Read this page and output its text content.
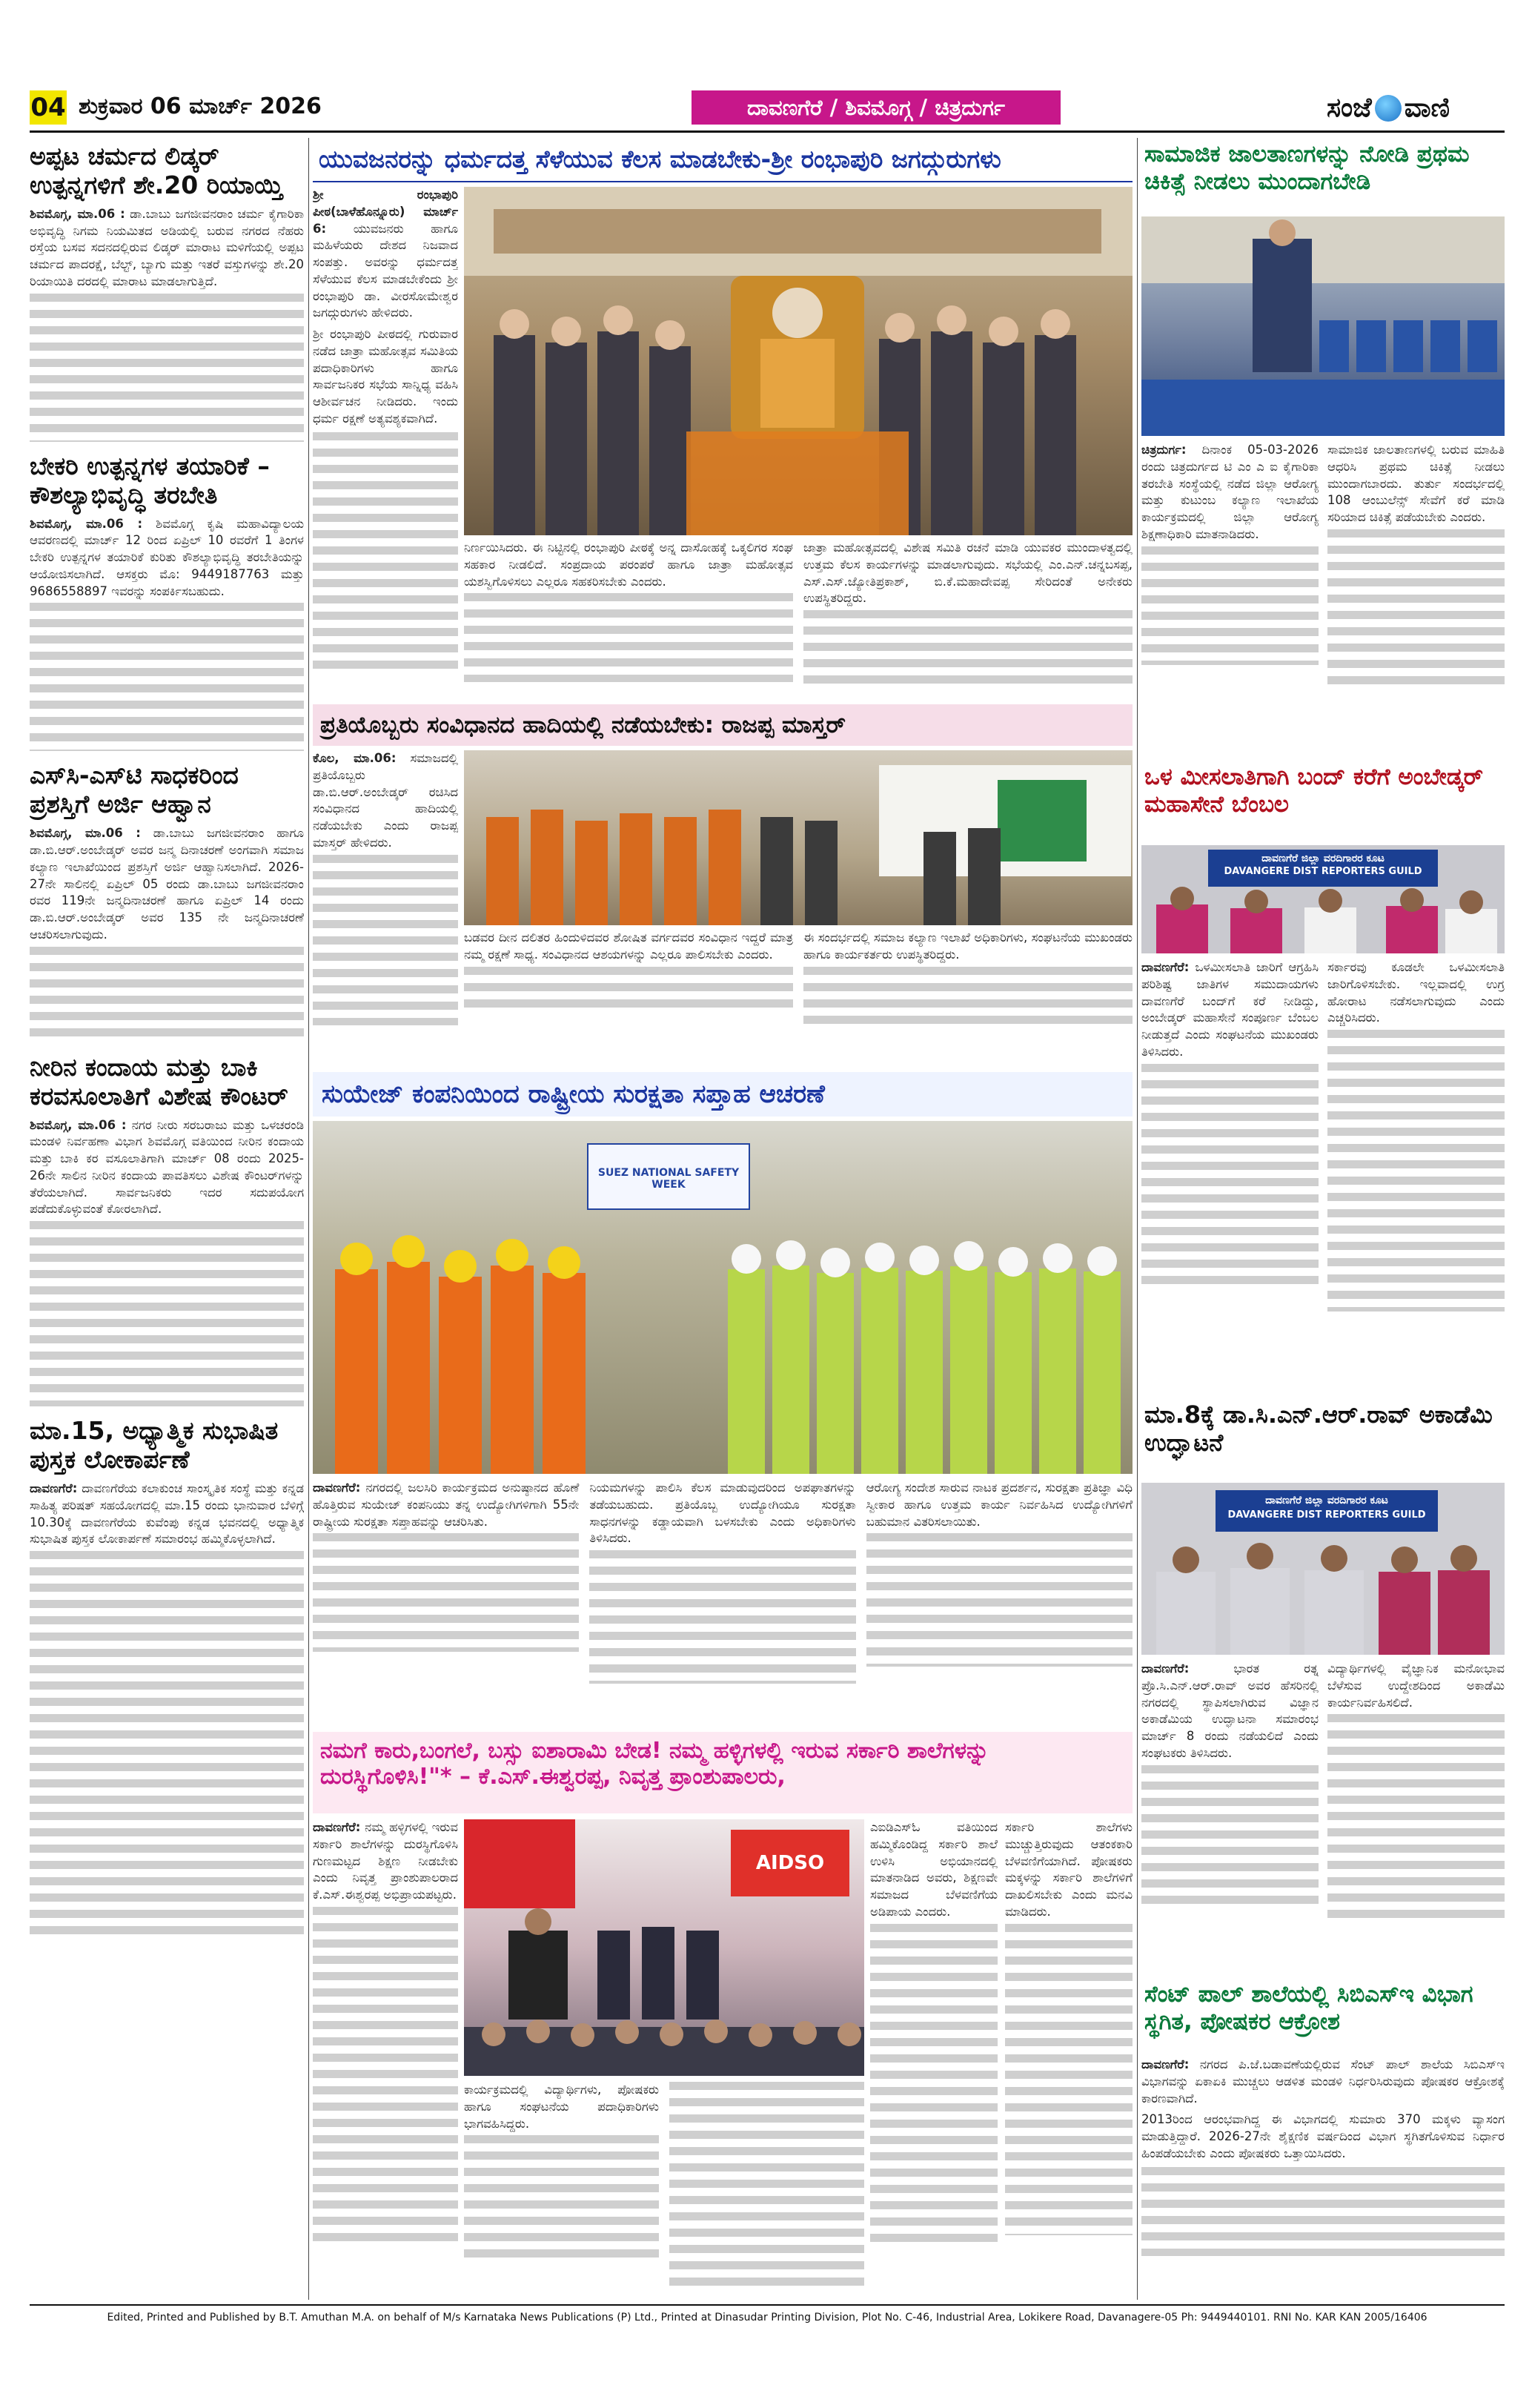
04 ಶುಕ್ರವಾರ 06 ಮಾರ್ಚ್ 2026	ದಾವಣಗೆರೆ / ಶಿವಮೊಗ್ಗ / ಚಿತ್ರದುರ್ಗ	ಸಂಜೆ ವಾಣಿ
ಅಪ್ಪಟ ಚರ್ಮದ ಲಿಡ್ಕರ್ ಉತ್ಪನ್ನಗಳಿಗೆ ಶೇ.20 ರಿಯಾಯ್ತಿ
ಶಿವಮೊಗ್ಗ, ಮಾ.06 : ಡಾ.ಬಾಬು ಜಗಜೀವನರಾಂ ಚರ್ಮ ಕೈಗಾರಿಕಾ ಅಭಿವೃದ್ಧಿ ನಿಗಮ ನಿಯಮಿತದ ಅಡಿಯಲ್ಲಿ ಬರುವ ನಗರದ ನೆಹರು ರಸ್ತೆಯ ಬಸವ ಸದನದಲ್ಲಿರುವ ಲಿಡ್ಕರ್ ಮಾರಾಟ ಮಳಿಗೆಯಲ್ಲಿ ಅಪ್ಪಟ ಚರ್ಮದ ಪಾದರಕ್ಷೆ, ಬೆಲ್ಟ್, ಬ್ಯಾಗು ಮತ್ತು ಇತರೆ ವಸ್ತುಗಳನ್ನು ಶೇ.20 ರಿಯಾಯಿತಿ ದರದಲ್ಲಿ ಮಾರಾಟ ಮಾಡಲಾಗುತ್ತಿದೆ.
ಬೇಕರಿ ಉತ್ಪನ್ನಗಳ ತಯಾರಿಕೆ –ಕೌಶಲ್ಯಾಭಿವೃದ್ಧಿ ತರಬೇತಿ
ಶಿವಮೊಗ್ಗ, ಮಾ.06 : ಶಿವಮೊಗ್ಗ ಕೃಷಿ ಮಹಾವಿದ್ಯಾಲಯ ಆವರಣದಲ್ಲಿ ಮಾರ್ಚ್ 12 ರಿಂದ ಏಪ್ರಿಲ್ 10 ರವರೆಗೆ 1 ತಿಂಗಳ ಬೇಕರಿ ಉತ್ಪನ್ನಗಳ ತಯಾರಿಕೆ ಕುರಿತು ಕೌಶಲ್ಯಾಭಿವೃದ್ಧಿ ತರಬೇತಿಯನ್ನು ಆಯೋಜಿಸಲಾಗಿದೆ. ಆಸಕ್ತರು ಮೊ: 9449187763 ಮತ್ತು 9686558897 ಇವರನ್ನು ಸಂಪರ್ಕಿಸಬಹುದು.
ಎಸ್‌ಸಿ-ಎಸ್‌ಟಿ ಸಾಧಕರಿಂದ ಪ್ರಶಸ್ತಿಗೆ ಅರ್ಜಿ ಆಹ್ವಾನ
ಶಿವಮೊಗ್ಗ, ಮಾ.06 : ಡಾ.ಬಾಬು ಜಗಜೀವನರಾಂ ಹಾಗೂ ಡಾ.ಬಿ.ಆರ್.ಅಂಬೇಡ್ಕರ್ ಅವರ ಜನ್ಮ ದಿನಾಚರಣೆ ಅಂಗವಾಗಿ ಸಮಾಜ ಕಲ್ಯಾಣ ಇಲಾಖೆಯಿಂದ ಪ್ರಶಸ್ತಿಗೆ ಅರ್ಜಿ ಆಹ್ವಾನಿಸಲಾಗಿದೆ. 2026-27ನೇ ಸಾಲಿನಲ್ಲಿ ಏಪ್ರಿಲ್ 05 ರಂದು ಡಾ.ಬಾಬು ಜಗಜೀವನರಾಂ ರವರ 119ನೇ ಜನ್ಮದಿನಾಚರಣೆ ಹಾಗೂ ಏಪ್ರಿಲ್ 14 ರಂದು ಡಾ.ಬಿ.ಆರ್.ಅಂಬೇಡ್ಕರ್ ಅವರ 135 ನೇ ಜನ್ಮದಿನಾಚರಣೆ ಆಚರಿಸಲಾಗುವುದು.
ನೀರಿನ ಕಂದಾಯ ಮತ್ತು ಬಾಕಿ ಕರವಸೂಲಾತಿಗೆ ವಿಶೇಷ ಕೌಂಟರ್
ಶಿವಮೊಗ್ಗ, ಮಾ.06 : ನಗರ ನೀರು ಸರಬರಾಜು ಮತ್ತು ಒಳಚರಂಡಿ ಮಂಡಳಿ ನಿರ್ವಹಣಾ ವಿಭಾಗ ಶಿವಮೊಗ್ಗ ವತಿಯಿಂದ ನೀರಿನ ಕಂದಾಯ ಮತ್ತು ಬಾಕಿ ಕರ ವಸೂಲಾತಿಗಾಗಿ ಮಾರ್ಚ್ 08 ರಂದು 2025-26ನೇ ಸಾಲಿನ ನೀರಿನ ಕಂದಾಯ ಪಾವತಿಸಲು ವಿಶೇಷ ಕೌಂಟರ್‌ಗಳನ್ನು ತೆರೆಯಲಾಗಿದೆ. ಸಾರ್ವಜನಿಕರು ಇದರ ಸದುಪಯೋಗ ಪಡೆದುಕೊಳ್ಳುವಂತೆ ಕೋರಲಾಗಿದೆ.
ಮಾ.15, ಅಧ್ಯಾತ್ಮಿಕ ಸುಭಾಷಿತ ಪುಸ್ತಕ ಲೋಕಾರ್ಪಣೆ
ದಾವಣಗೆರೆ: ದಾವಣಗೆರೆಯ ಕಲಾಕುಂಚ ಸಾಂಸ್ಕೃತಿಕ ಸಂಸ್ಥೆ ಮತ್ತು ಕನ್ನಡ ಸಾಹಿತ್ಯ ಪರಿಷತ್ ಸಹಯೋಗದಲ್ಲಿ ಮಾ.15 ರಂದು ಭಾನುವಾರ ಬೆಳಿಗ್ಗೆ 10.30ಕ್ಕೆ ದಾವಣಗೆರೆಯ ಕುವೆಂಪು ಕನ್ನಡ ಭವನದಲ್ಲಿ ಅಧ್ಯಾತ್ಮಿಕ ಸುಭಾಷಿತ ಪುಸ್ತಕ ಲೋಕಾರ್ಪಣೆ ಸಮಾರಂಭ ಹಮ್ಮಿಕೊಳ್ಳಲಾಗಿದೆ.
ಯುವಜನರನ್ನು ಧರ್ಮದತ್ತ ಸೆಳೆಯುವ ಕೆಲಸ ಮಾಡಬೇಕು-ಶ್ರೀ ರಂಭಾಪುರಿ ಜಗದ್ಗುರುಗಳು
ಶ್ರೀ ರಂಭಾಪುರಿ ಪೀಠ(ಬಾಳೆಹೊನ್ನೂರು) ಮಾರ್ಚ್ 6: ಯುವಜನರು ಹಾಗೂ ಮಹಿಳೆಯರು ದೇಶದ ನಿಜವಾದ ಸಂಪತ್ತು. ಅವರನ್ನು ಧರ್ಮದತ್ತ ಸೆಳೆಯುವ ಕೆಲಸ ಮಾಡಬೇಕೆಂದು ಶ್ರೀ ರಂಭಾಪುರಿ ಡಾ. ವೀರಸೋಮೇಶ್ವರ ಜಗದ್ಗುರುಗಳು ಹೇಳಿದರು.
ಶ್ರೀ ರಂಭಾಪುರಿ ಪೀಠದಲ್ಲಿ ಗುರುವಾರ ನಡೆದ ಜಾತ್ರಾ ಮಹೋತ್ಸವ ಸಮಿತಿಯ ಪದಾಧಿಕಾರಿಗಳು ಹಾಗೂ ಸಾರ್ವಜನಿಕರ ಸಭೆಯ ಸಾನ್ನಿಧ್ಯ ವಹಿಸಿ ಆಶೀರ್ವಚನ ನೀಡಿದರು. ಇಂದು ಧರ್ಮ ರಕ್ಷಣೆ ಅತ್ಯವಶ್ಯಕವಾಗಿದೆ.
ನಿರ್ಣಯಿಸಿದರು. ಈ ನಿಟ್ಟಿನಲ್ಲಿ ರಂಭಾಪುರಿ ಪೀಠಕ್ಕೆ ಅನ್ನ ದಾಸೋಹಕ್ಕೆ ಒಕ್ಕಲಿಗರ ಸಂಘ ಸಹಕಾರ ನೀಡಲಿದೆ. ಸಂಪ್ರದಾಯ ಪರಂಪರೆ ಹಾಗೂ ಜಾತ್ರಾ ಮಹೋತ್ಸವ ಯಶಸ್ವಿಗೊಳಿಸಲು ಎಲ್ಲರೂ ಸಹಕರಿಸಬೇಕು ಎಂದರು.
ಜಾತ್ರಾ ಮಹೋತ್ಸವದಲ್ಲಿ ವಿಶೇಷ ಸಮಿತಿ ರಚನೆ ಮಾಡಿ ಯುವಕರ ಮುಂದಾಳತ್ವದಲ್ಲಿ ಉತ್ತಮ ಕೆಲಸ ಕಾರ್ಯಗಳನ್ನು ಮಾಡಲಾಗುವುದು. ಸಭೆಯಲ್ಲಿ ಎಂ.ಎನ್.ಚನ್ನಬಸಪ್ಪ, ಎಸ್.ಎಸ್.ಜ್ಯೋತಿಪ್ರಕಾಶ್, ಬಿ.ಕೆ.ಮಹಾದೇವಪ್ಪ ಸೇರಿದಂತೆ ಅನೇಕರು ಉಪಸ್ಥಿತರಿದ್ದರು.
ಸಾಮಾಜಿಕ ಜಾಲತಾಣಗಳನ್ನು ನೋಡಿ ಪ್ರಥಮ ಚಿಕಿತ್ಸೆ ನೀಡಲು ಮುಂದಾಗಬೇಡಿ
ಚಿತ್ರದುರ್ಗ: ದಿನಾಂಕ 05-03-2026 ರಂದು ಚಿತ್ರದುರ್ಗದ ಟಿ ಎಂ ಎ ಐ ಕೈಗಾರಿಕಾ ತರಬೇತಿ ಸಂಸ್ಥೆಯಲ್ಲಿ ನಡೆದ ಜಿಲ್ಲಾ ಆರೋಗ್ಯ ಮತ್ತು ಕುಟುಂಬ ಕಲ್ಯಾಣ ಇಲಾಖೆಯ ಕಾರ್ಯಕ್ರಮದಲ್ಲಿ ಜಿಲ್ಲಾ ಆರೋಗ್ಯ ಶಿಕ್ಷಣಾಧಿಕಾರಿ ಮಾತನಾಡಿದರು.
ಸಾಮಾಜಿಕ ಜಾಲತಾಣಗಳಲ್ಲಿ ಬರುವ ಮಾಹಿತಿ ಆಧರಿಸಿ ಪ್ರಥಮ ಚಿಕಿತ್ಸೆ ನೀಡಲು ಮುಂದಾಗಬಾರದು. ತುರ್ತು ಸಂದರ್ಭದಲ್ಲಿ 108 ಆಂಬುಲೆನ್ಸ್ ಸೇವೆಗೆ ಕರೆ ಮಾಡಿ ಸರಿಯಾದ ಚಿಕಿತ್ಸೆ ಪಡೆಯಬೇಕು ಎಂದರು.
ಪ್ರತಿಯೊಬ್ಬರು ಸಂವಿಧಾನದ ಹಾದಿಯಲ್ಲಿ ನಡೆಯಬೇಕು: ರಾಜಪ್ಪ ಮಾಸ್ತರ್
ಕೊಲ, ಮಾ.06: ಸಮಾಜದಲ್ಲಿ ಪ್ರತಿಯೊಬ್ಬರು ಡಾ.ಬಿ.ಆರ್.ಅಂಬೇಡ್ಕರ್ ರಚಿಸಿದ ಸಂವಿಧಾನದ ಹಾದಿಯಲ್ಲಿ ನಡೆಯಬೇಕು ಎಂದು ರಾಜಪ್ಪ ಮಾಸ್ತರ್ ಹೇಳಿದರು.
ಬಡವರ ದೀನ ದಲಿತರ ಹಿಂದುಳಿದವರ ಶೋಷಿತ ವರ್ಗದವರ ಸಂವಿಧಾನ ಇದ್ದರೆ ಮಾತ್ರ ನಮ್ಮ ರಕ್ಷಣೆ ಸಾಧ್ಯ. ಸಂವಿಧಾನದ ಆಶಯಗಳನ್ನು ಎಲ್ಲರೂ ಪಾಲಿಸಬೇಕು ಎಂದರು.
ಈ ಸಂದರ್ಭದಲ್ಲಿ ಸಮಾಜ ಕಲ್ಯಾಣ ಇಲಾಖೆ ಅಧಿಕಾರಿಗಳು, ಸಂಘಟನೆಯ ಮುಖಂಡರು ಹಾಗೂ ಕಾರ್ಯಕರ್ತರು ಉಪಸ್ಥಿತರಿದ್ದರು.
ಒಳ ಮೀಸಲಾತಿಗಾಗಿ ಬಂದ್ ಕರೆಗೆ ಅಂಬೇಡ್ಕರ್ ಮಹಾಸೇನೆ ಬೆಂಬಲ
ದಾವಣಗೆರೆ ಜಿಲ್ಲಾ ವರದಿಗಾರರ ಕೂಟ
DAVANGERE DIST REPORTERS GUILD
ದಾವಣಗೆರೆ: ಒಳಮೀಸಲಾತಿ ಜಾರಿಗೆ ಆಗ್ರಹಿಸಿ ಪರಿಶಿಷ್ಟ ಜಾತಿಗಳ ಸಮುದಾಯಗಳು ದಾವಣಗೆರೆ ಬಂದ್‌ಗೆ ಕರೆ ನೀಡಿದ್ದು, ಅಂಬೇಡ್ಕರ್ ಮಹಾಸೇನೆ ಸಂಪೂರ್ಣ ಬೆಂಬಲ ನೀಡುತ್ತದೆ ಎಂದು ಸಂಘಟನೆಯ ಮುಖಂಡರು ತಿಳಿಸಿದರು.
ಸರ್ಕಾರವು ಕೂಡಲೇ ಒಳಮೀಸಲಾತಿ ಜಾರಿಗೊಳಿಸಬೇಕು. ಇಲ್ಲವಾದಲ್ಲಿ ಉಗ್ರ ಹೋರಾಟ ನಡೆಸಲಾಗುವುದು ಎಂದು ಎಚ್ಚರಿಸಿದರು.
ಸುಯೇಜ್ ಕಂಪನಿಯಿಂದ ರಾಷ್ಟ್ರೀಯ ಸುರಕ್ಷತಾ ಸಪ್ತಾಹ ಆಚರಣೆ
SUEZ NATIONAL SAFETY WEEK
ದಾವಣಗೆರೆ: ನಗರದಲ್ಲಿ ಜಲಸಿರಿ ಕಾರ್ಯಕ್ರಮದ ಅನುಷ್ಠಾನದ ಹೊಣೆ ಹೊತ್ತಿರುವ ಸುಯೇಜ್ ಕಂಪನಿಯು ತನ್ನ ಉದ್ಯೋಗಿಗಳಿಗಾಗಿ 55ನೇ ರಾಷ್ಟ್ರೀಯ ಸುರಕ್ಷತಾ ಸಪ್ತಾಹವನ್ನು ಆಚರಿಸಿತು.
ನಿಯಮಗಳನ್ನು ಪಾಲಿಸಿ ಕೆಲಸ ಮಾಡುವುದರಿಂದ ಅಪಘಾತಗಳನ್ನು ತಡೆಯಬಹುದು. ಪ್ರತಿಯೊಬ್ಬ ಉದ್ಯೋಗಿಯೂ ಸುರಕ್ಷತಾ ಸಾಧನಗಳನ್ನು ಕಡ್ಡಾಯವಾಗಿ ಬಳಸಬೇಕು ಎಂದು ಅಧಿಕಾರಿಗಳು ತಿಳಿಸಿದರು.
ಆರೋಗ್ಯ ಸಂದೇಶ ಸಾರುವ ನಾಟಕ ಪ್ರದರ್ಶನ, ಸುರಕ್ಷತಾ ಪ್ರತಿಜ್ಞಾ ವಿಧಿ ಸ್ವೀಕಾರ ಹಾಗೂ ಉತ್ತಮ ಕಾರ್ಯ ನಿರ್ವಹಿಸಿದ ಉದ್ಯೋಗಿಗಳಿಗೆ ಬಹುಮಾನ ವಿತರಿಸಲಾಯಿತು.
ಮಾ.8ಕ್ಕೆ ಡಾ.ಸಿ.ಎನ್.ಆರ್.ರಾವ್ ಅಕಾಡೆಮಿ ಉದ್ಘಾಟನೆ
ದಾವಣಗೆರೆ ಜಿಲ್ಲಾ ವರದಿಗಾರರ ಕೂಟ
DAVANGERE DIST REPORTERS GUILD
ದಾವಣಗೆರೆ:	ಭಾರತ ರತ್ನ ಪ್ರೊ.ಸಿ.ಎನ್.ಆರ್.ರಾವ್ ಅವರ ಹೆಸರಿನಲ್ಲಿ ನಗರದಲ್ಲಿ ಸ್ಥಾಪಿಸಲಾಗಿರುವ ವಿಜ್ಞಾನ ಅಕಾಡೆಮಿಯ ಉದ್ಘಾಟನಾ ಸಮಾರಂಭ ಮಾರ್ಚ್ 8 ರಂದು ನಡೆಯಲಿದೆ ಎಂದು ಸಂಘಟಕರು ತಿಳಿಸಿದರು.
ವಿದ್ಯಾರ್ಥಿಗಳಲ್ಲಿ ವೈಜ್ಞಾನಿಕ ಮನೋಭಾವ ಬೆಳೆಸುವ ಉದ್ದೇಶದಿಂದ ಅಕಾಡೆಮಿ ಕಾರ್ಯನಿರ್ವಹಿಸಲಿದೆ.
ನಮಗೆ ಕಾರು,ಬಂಗಲೆ, ಬಸ್ಸು ಐಶಾರಾಮಿ ಬೇಡ! ನಮ್ಮ ಹಳ್ಳಿಗಳಲ್ಲಿ ಇರುವ ಸರ್ಕಾರಿ ಶಾಲೆಗಳನ್ನು ದುರಸ್ಥಿಗೊಳಿಸಿ!"* – ಕೆ.ಎಸ್.ಈಶ್ವರಪ್ಪ, ನಿವೃತ್ತ ಪ್ರಾಂಶುಪಾಲರು,
ದಾವಣಗೆರೆ: ನಮ್ಮ ಹಳ್ಳಿಗಳಲ್ಲಿ ಇರುವ ಸರ್ಕಾರಿ ಶಾಲೆಗಳನ್ನು ದುರಸ್ಥಿಗೊಳಿಸಿ ಗುಣಮಟ್ಟದ ಶಿಕ್ಷಣ ನೀಡಬೇಕು ಎಂದು ನಿವೃತ್ತ ಪ್ರಾಂಶುಪಾಲರಾದ ಕೆ.ಎಸ್.ಈಶ್ವರಪ್ಪ ಅಭಿಪ್ರಾಯಪಟ್ಟರು.
AIDSO
ಎಐಡಿಎಸ್‌ಓ ವತಿಯಿಂದ ಹಮ್ಮಿಕೊಂಡಿದ್ದ ಸರ್ಕಾರಿ ಶಾಲೆ ಉಳಿಸಿ ಅಭಿಯಾನದಲ್ಲಿ ಮಾತನಾಡಿದ ಅವರು, ಶಿಕ್ಷಣವೇ ಸಮಾಜದ ಬೆಳವಣಿಗೆಯ ಅಡಿಪಾಯ ಎಂದರು.
ಸರ್ಕಾರಿ ಶಾಲೆಗಳು ಮುಚ್ಚುತ್ತಿರುವುದು ಆತಂಕಕಾರಿ ಬೆಳವಣಿಗೆಯಾಗಿದೆ. ಪೋಷಕರು ಮಕ್ಕಳನ್ನು ಸರ್ಕಾರಿ ಶಾಲೆಗಳಿಗೆ ದಾಖಲಿಸಬೇಕು ಎಂದು ಮನವಿ ಮಾಡಿದರು.
ಕಾರ್ಯಕ್ರಮದಲ್ಲಿ ವಿದ್ಯಾರ್ಥಿಗಳು, ಪೋಷಕರು ಹಾಗೂ ಸಂಘಟನೆಯ ಪದಾಧಿಕಾರಿಗಳು ಭಾಗವಹಿಸಿದ್ದರು.
ಸೆಂಟ್ ಪಾಲ್ ಶಾಲೆಯಲ್ಲಿ ಸಿಬಿಎಸ್‌ಇ ವಿಭಾಗ ಸ್ಥಗಿತ, ಪೋಷಕರ ಆಕ್ರೋಶ
ದಾವಣಗೆರೆ: ನಗರದ ಪಿ.ಜೆ.ಬಡಾವಣೆಯಲ್ಲಿರುವ ಸೆಂಟ್ ಪಾಲ್ ಶಾಲೆಯ ಸಿಬಿಎಸ್‌ಇ ವಿಭಾಗವನ್ನು ಏಕಾಏಕಿ ಮುಚ್ಚಲು ಆಡಳಿತ ಮಂಡಳಿ ನಿರ್ಧರಿಸಿರುವುದು ಪೋಷಕರ ಆಕ್ರೋಶಕ್ಕೆ ಕಾರಣವಾಗಿದೆ.
2013ರಿಂದ ಆರಂಭವಾಗಿದ್ದ ಈ ವಿಭಾಗದಲ್ಲಿ ಸುಮಾರು 370 ಮಕ್ಕಳು ವ್ಯಾಸಂಗ ಮಾಡುತ್ತಿದ್ದಾರೆ. 2026-27ನೇ ಶೈಕ್ಷಣಿಕ ವರ್ಷದಿಂದ ವಿಭಾಗ ಸ್ಥಗಿತಗೊಳಿಸುವ ನಿರ್ಧಾರ ಹಿಂಪಡೆಯಬೇಕು ಎಂದು ಪೋಷಕರು ಒತ್ತಾಯಿಸಿದರು.
Edited, Printed and Published by B.T. Amuthan M.A. on behalf of M/s Karnataka News Publications (P) Ltd., Printed at Dinasudar Printing Division, Plot No. C-46, Industrial Area, Lokikere Road, Davanagere-05 Ph: 9449440101. RNI No. KAR KAN 2005/16406
